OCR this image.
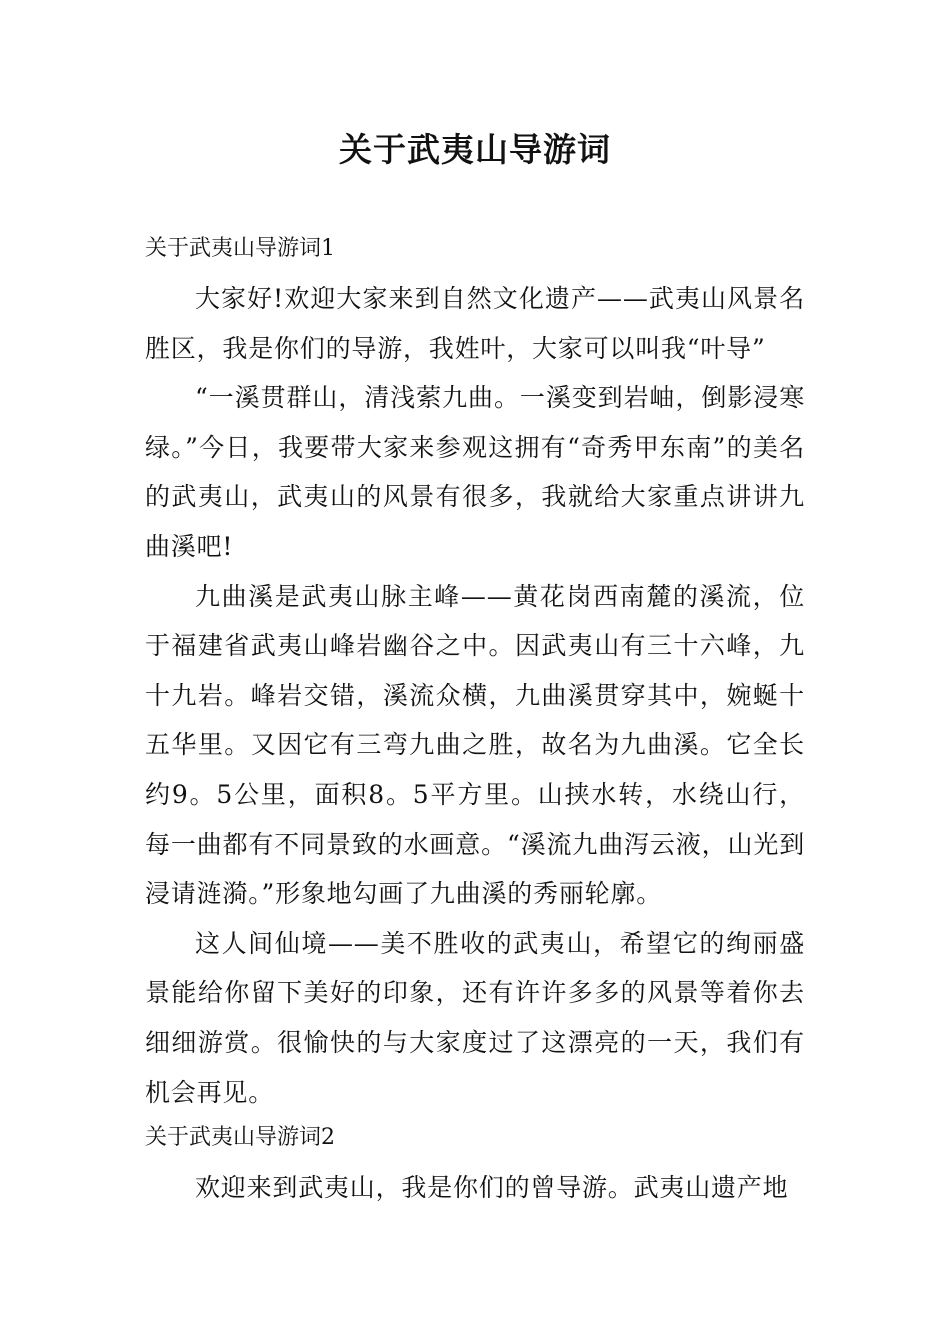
关于武夷山导游词

关于武夷山导游词1

大家好!欢迎大家来到自然文化遗产——武夷山风景名胜区，我是你们的导游，我姓叶，大家可以叫我“叶导”

“一溪贯群山，清浅萦九曲。一溪变到岩岫，倒影浸寒绿。”今日，我要带大家来参观这拥有“奇秀甲东南”的美名的武夷山，武夷山的风景有很多，我就给大家重点讲讲九曲溪吧!

九曲溪是武夷山脉主峰——黄花岗西南麓的溪流，位于福建省武夷山峰岩幽谷之中。因武夷山有三十六峰，九十九岩。峰岩交错，溪流众横，九曲溪贯穿其中，婉蜒十五华里。又因它有三弯九曲之胜，故名为九曲溪。它全长约9。5公里，面积8。5平方里。山挟水转，水绕山行，每一曲都有不同景致的水画意。“溪流九曲泻云液，山光到浸请涟漪。”形象地勾画了九曲溪的秀丽轮廓。

这人间仙境——美不胜收的武夷山，希望它的绚丽盛景能给你留下美好的印象，还有许许多多的风景等着你去细细游赏。很愉快的与大家度过了这漂亮的一天，我们有机会再见。

关于武夷山导游词2

欢迎来到武夷山，我是你们的曾导游。武夷山遗产地
